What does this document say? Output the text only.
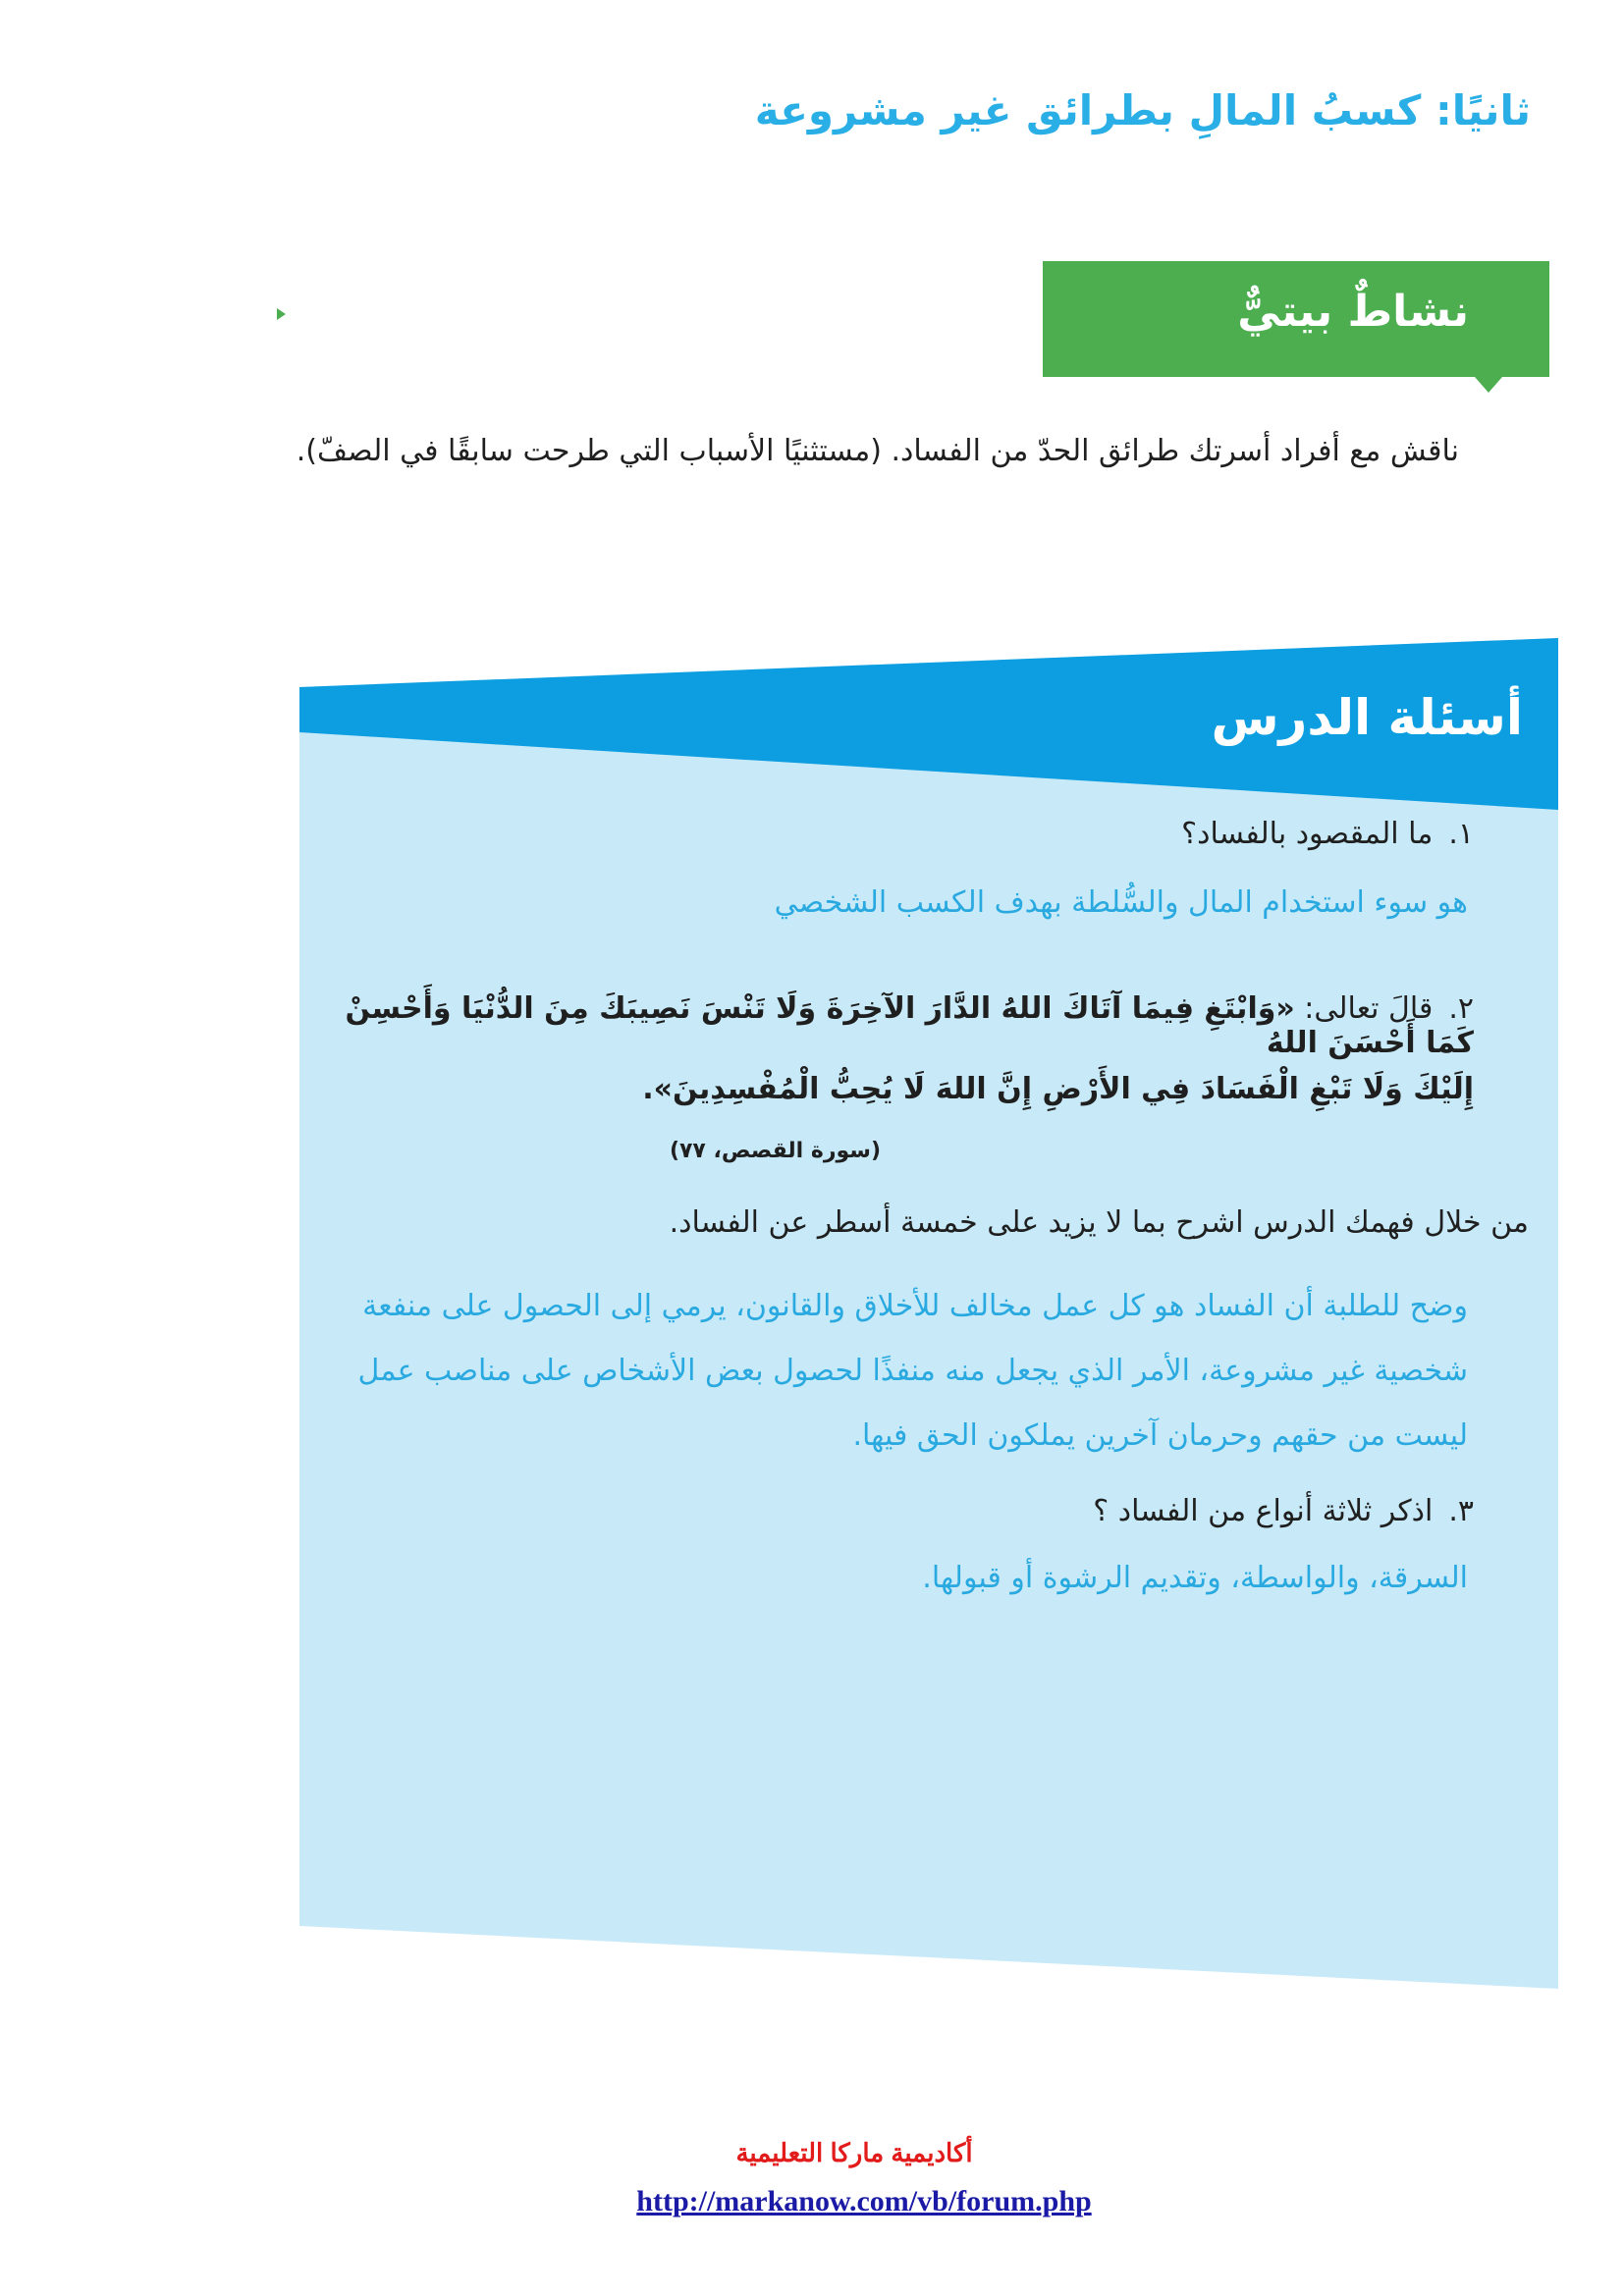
ثانيًا: كسبُ المالِ بطرائق غير مشروعة
نشاطٌ بيتيٌّ

ناقش مع أفراد أسرتك طرائق الحدّ من الفساد. (مستثنيًا الأسباب التي طرحت سابقًا في الصفّ).

أسئلة الدرس

١.ما المقصود بالفساد؟

هو سوء استخدام المال والسُّلطة بهدف الكسب الشخصي

٢.قالَ تعالى: «وَابْتَغِ فِيمَا آتَاكَ اللهُ الدَّارَ الآخِرَةَ وَلَا تَنْسَ نَصِيبَكَ مِنَ الدُّنْيَا وَأَحْسِنْ كَمَا أَحْسَنَ اللهُ

إِلَيْكَ وَلَا تَبْغِ الْفَسَادَ فِي الأَرْضِ إِنَّ اللهَ لَا يُحِبُّ الْمُفْسِدِينَ».

(سورة القصص، ٧٧)

من خلال فهمك الدرس اشرح بما لا يزيد على خمسة أسطر عن الفساد.

وضح للطلبة أن الفساد هو كل عمل مخالف للأخلاق والقانون، يرمي إلى الحصول على منفعة شخصية غير مشروعة، الأمر الذي يجعل منه منفذًا لحصول بعض الأشخاص على مناصب عمل ليست من حقهم وحرمان آخرين يملكون الحق فيها.

٣.اذكر ثلاثة أنواع من الفساد ؟

السرقة، والواسطة، وتقديم الرشوة أو قبولها.

أكاديمية ماركا التعليمية

http://markanow.com/vb/forum.php
